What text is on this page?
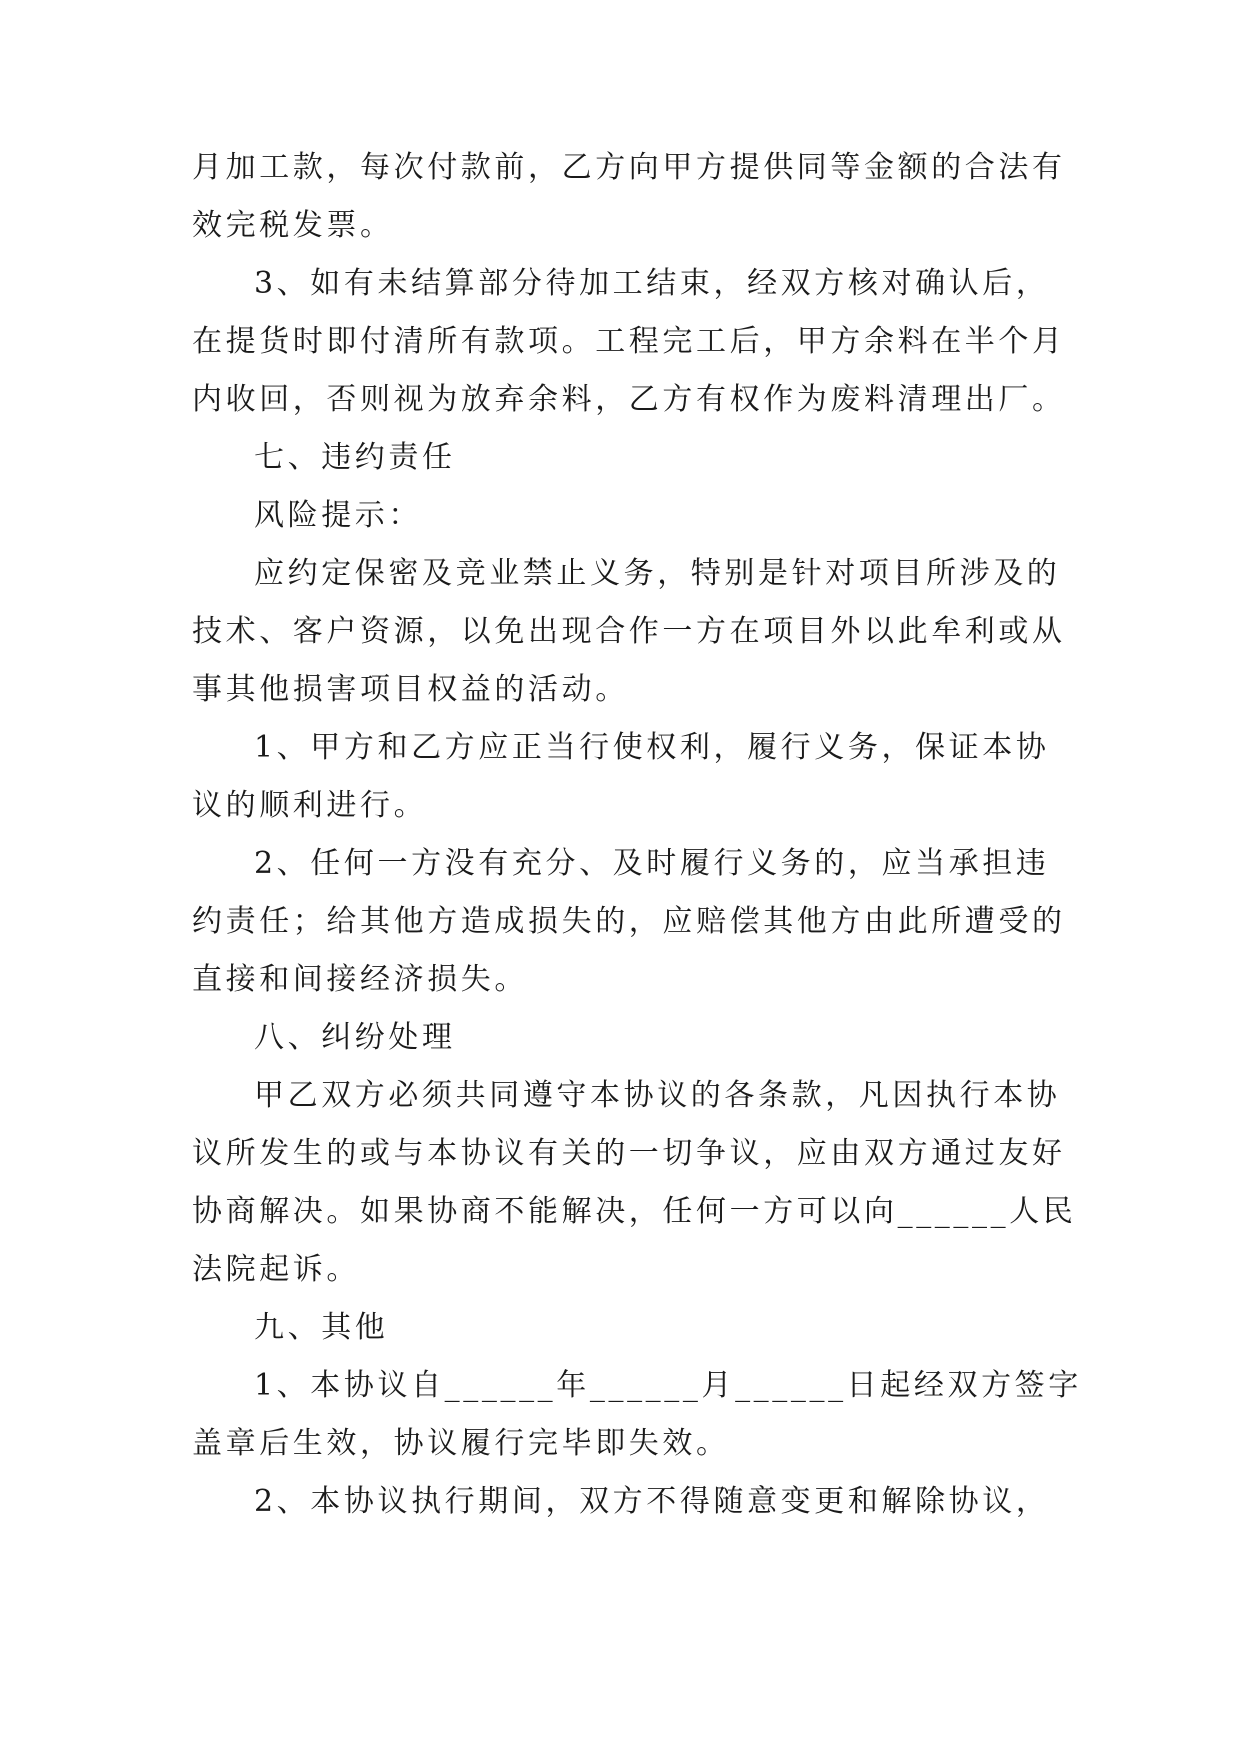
月加工款，每次付款前，乙方向甲方提供同等金额的合法有
效完税发票。
3、如有未结算部分待加工结束，经双方核对确认后，
在提货时即付清所有款项。工程完工后，甲方余料在半个月
内收回，否则视为放弃余料，乙方有权作为废料清理出厂。
七、违约责任
风险提示：
应约定保密及竞业禁止义务，特别是针对项目所涉及的
技术、客户资源，以免出现合作一方在项目外以此牟利或从
事其他损害项目权益的活动。
1、甲方和乙方应正当行使权利，履行义务，保证本协
议的顺利进行。
2、任何一方没有充分、及时履行义务的，应当承担违
约责任；给其他方造成损失的，应赔偿其他方由此所遭受的
直接和间接经济损失。
八、纠纷处理
甲乙双方必须共同遵守本协议的各条款，凡因执行本协
议所发生的或与本协议有关的一切争议，应由双方通过友好
协商解决。如果协商不能解决，任何一方可以向______人民
法院起诉。
九、其他
1、本协议自______年______月______日起经双方签字
盖章后生效，协议履行完毕即失效。
2、本协议执行期间，双方不得随意变更和解除协议，
